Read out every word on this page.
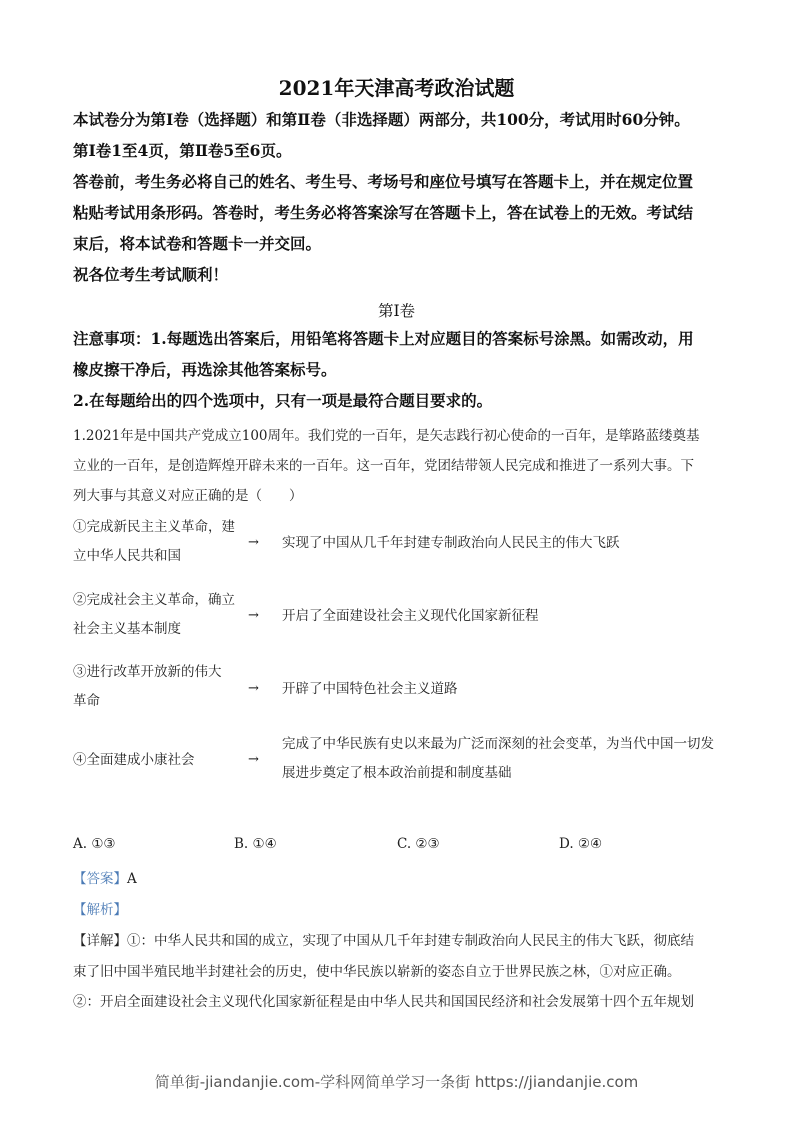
2021年天津高考政治试题
本试卷分为第Ⅰ卷（选择题）和第Ⅱ卷（非选择题）两部分，共100分，考试用时60分钟。
第Ⅰ卷1至4页，第Ⅱ卷5至6页。
答卷前，考生务必将自己的姓名、考生号、考场号和座位号填写在答题卡上，并在规定位置
粘贴考试用条形码。答卷时，考生务必将答案涂写在答题卡上，答在试卷上的无效。考试结
束后，将本试卷和答题卡一并交回。
祝各位考生考试顺利！
第Ⅰ卷
注意事项：1.每题选出答案后，用铅笔将答题卡上对应题目的答案标号涂黑。如需改动，用
橡皮擦干净后，再选涂其他答案标号。
2.在每题给出的四个选项中，只有一项是最符合题目要求的。
1.2021年是中国共产党成立100周年。我们党的一百年，是矢志践行初心使命的一百年，是筚路蓝缕奠基
立业的一百年，是创造辉煌开辟未来的一百年。这一百年，党团结带领人民完成和推进了一系列大事。下
列大事与其意义对应正确的是（　　）
①完成新民主主义革命，建
立中华人民共和国
→ 实现了中国从几千年封建专制政治向人民民主的伟大飞跃
②完成社会主义革命，确立
社会主义基本制度
→ 开启了全面建设社会主义现代化国家新征程
③进行改革开放新的伟大
革命
→ 开辟了中国特色社会主义道路
④全面建成小康社会	→
完成了中华民族有史以来最为广泛而深刻的社会变革，为当代中国一切发
展进步奠定了根本政治前提和制度基础
A. ①③	B. ①④	C. ②③	D. ②④
【答案】A
【解析】
【详解】①：中华人民共和国的成立，实现了中国从几千年封建专制政治向人民民主的伟大飞跃，彻底结
束了旧中国半殖民地半封建社会的历史，使中华民族以崭新的姿态自立于世界民族之林，①对应正确。
②：开启全面建设社会主义现代化国家新征程是由中华人民共和国国民经济和社会发展第十四个五年规划
简单街-jiandanjie.com-学科网简单学习一条街 https://jiandanjie.com
